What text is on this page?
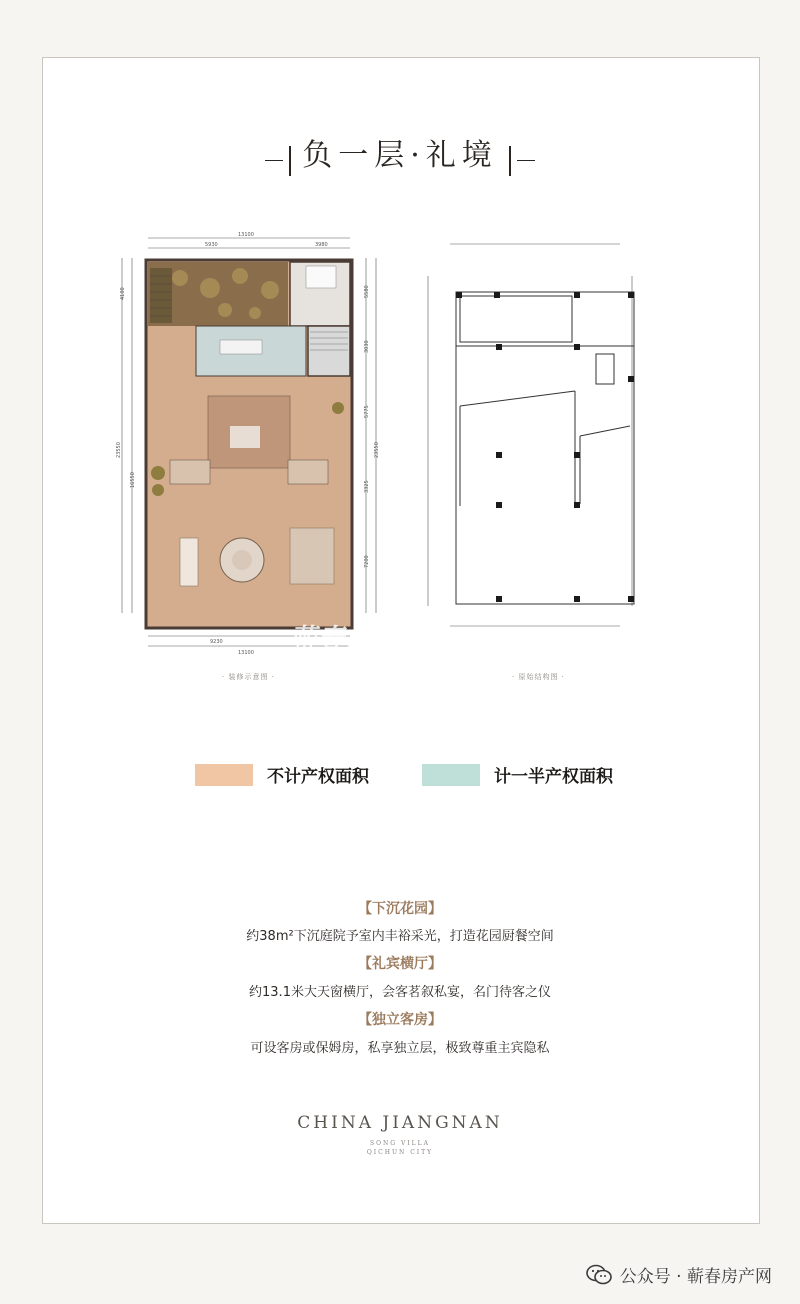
负一层·礼境
13100
5930	3980
9230
13100
4100
23550
16550
5580
3030
5775
3325
7200
23550
蕲春房产网
· 装修示意图 ·	· 原始结构图 ·
不计产权面积	计一半产权面积
【下沉花园】
约38m²下沉庭院予室内丰裕采光，打造花园厨餐空间
【礼宾横厅】
约13.1米大天窗横厅，会客茗叙私宴，名门待客之仪
【独立客房】
可设客房或保姆房，私享独立层，极致尊重主宾隐私
CHINA JIANGNAN
SONG VILLA
QICHUN CITY
公众号 · 蕲春房产网
